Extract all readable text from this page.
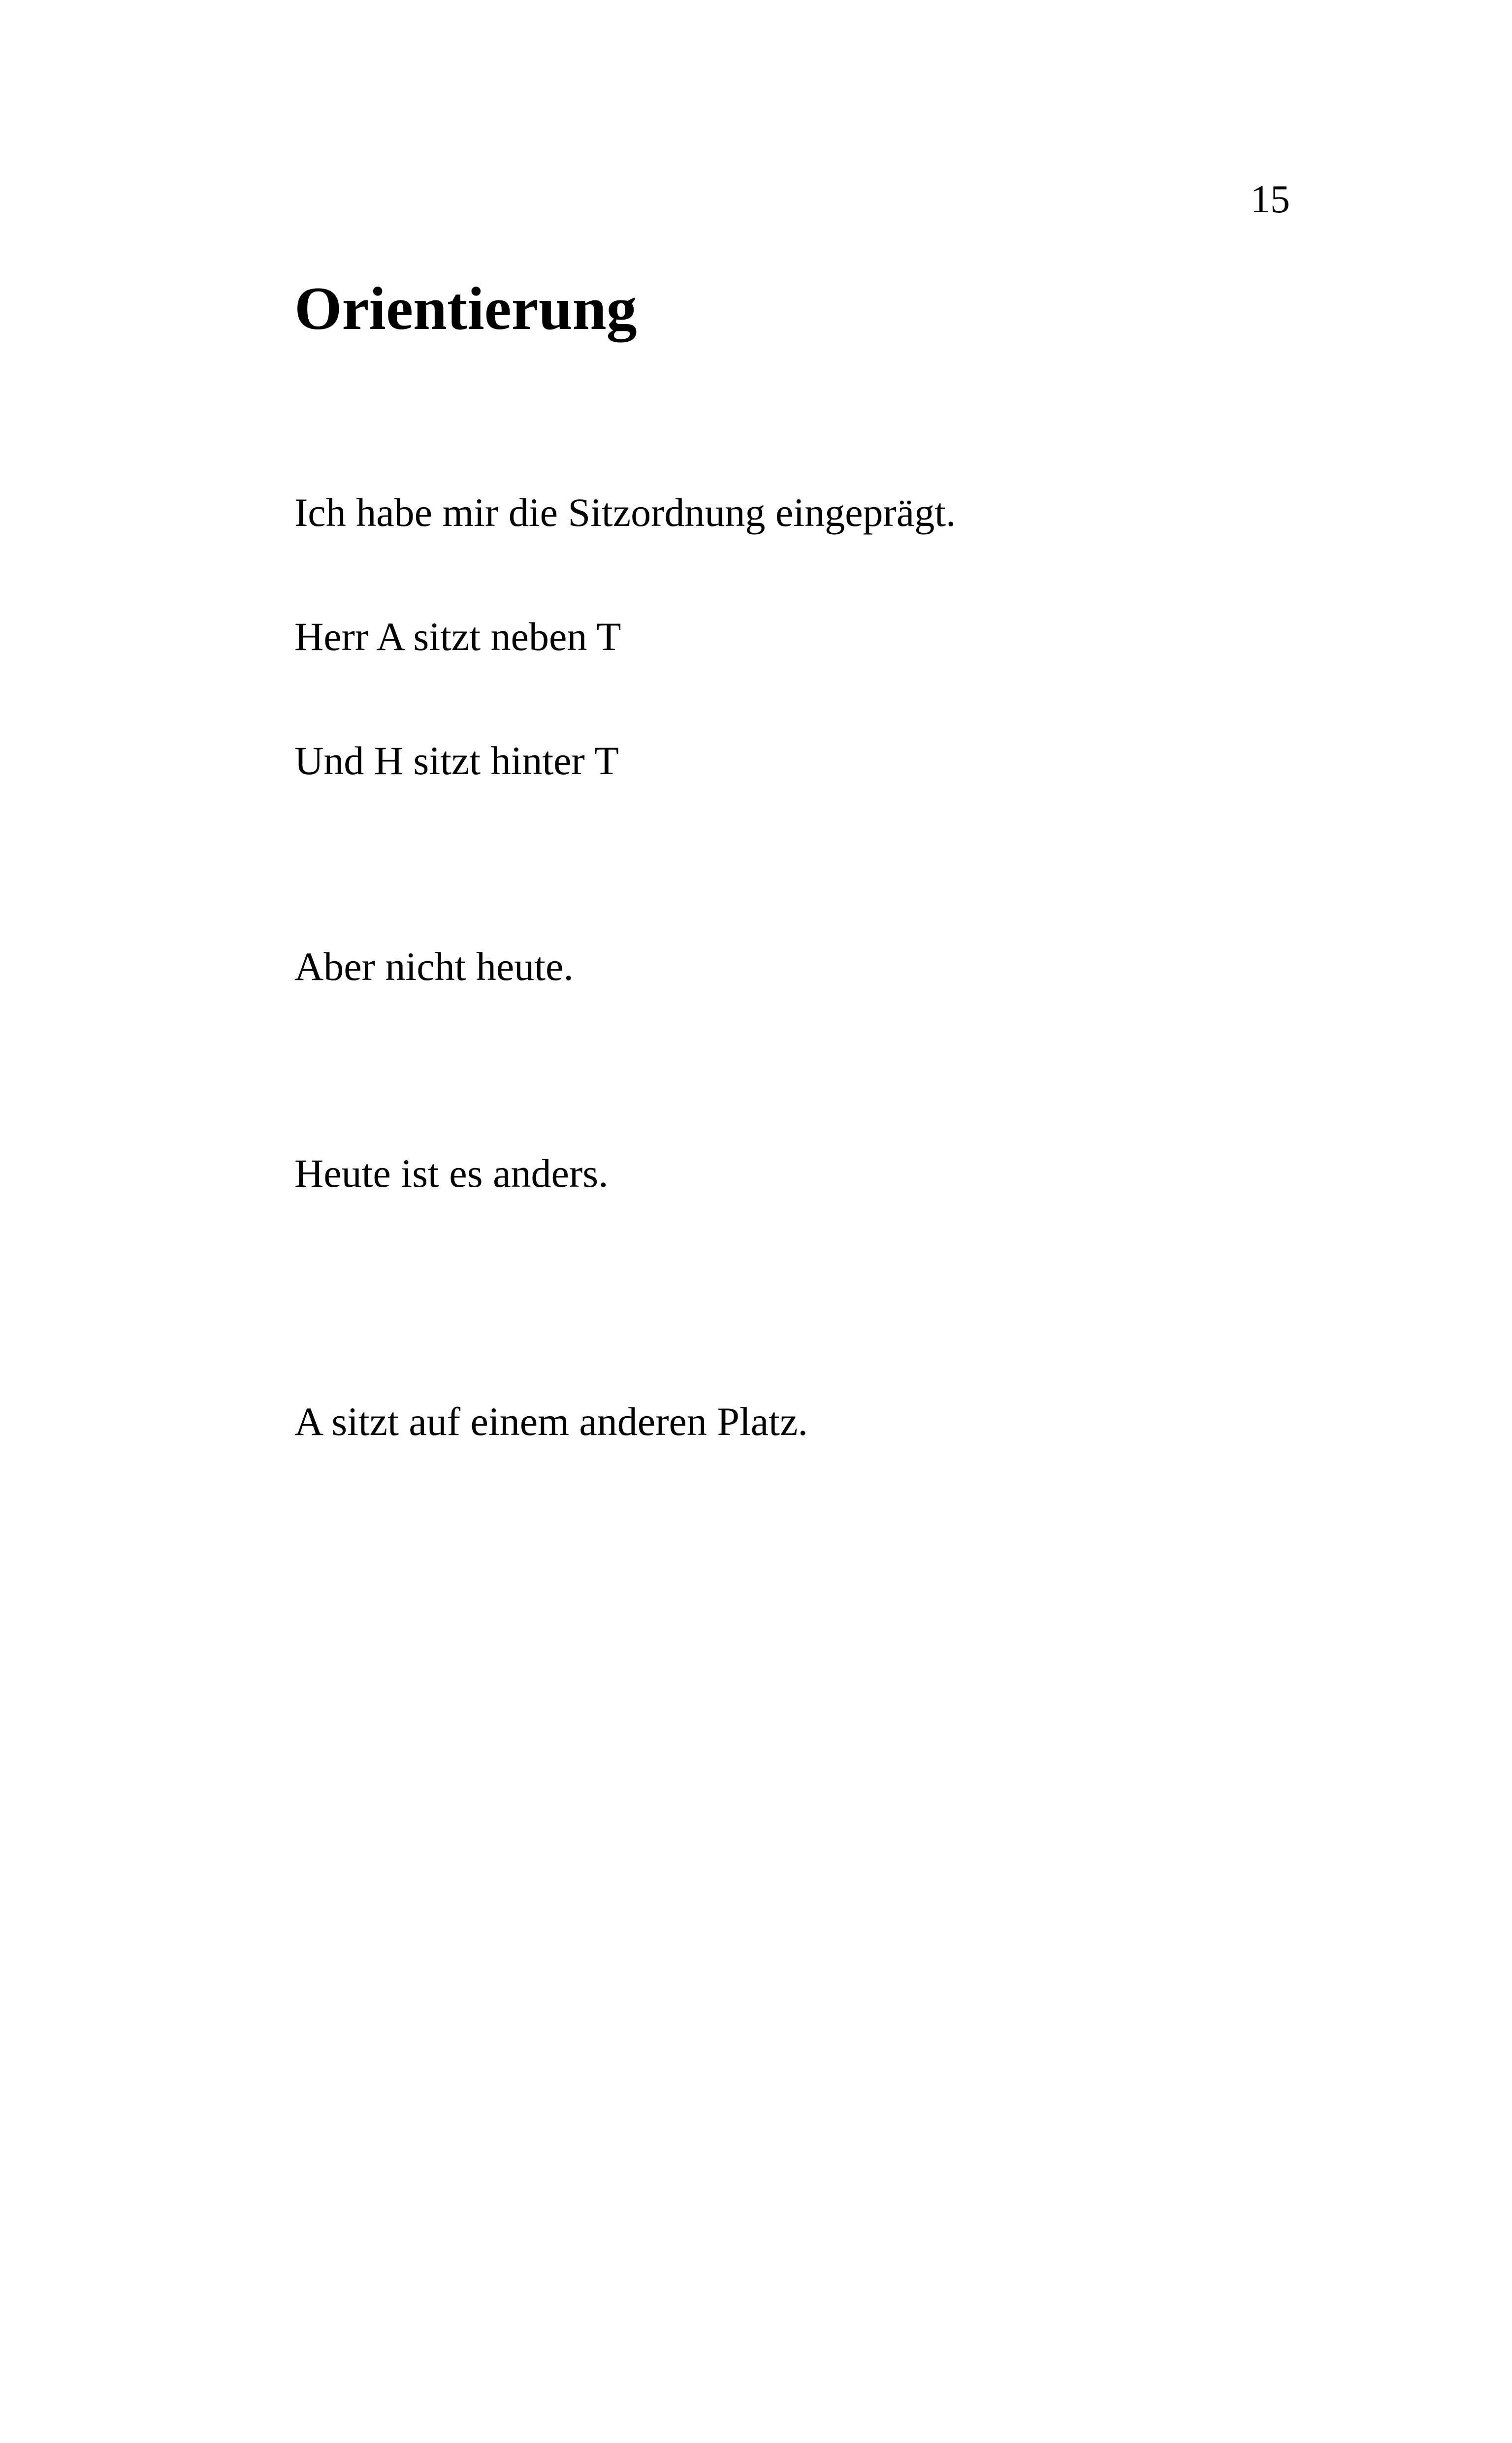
15
Orientierung

Ich habe mir die Sitzordnung eingeprägt.

Herr A sitzt neben T

Und H sitzt hinter T

Aber nicht heute.

Heute ist es anders.

A sitzt auf einem anderen Platz.
